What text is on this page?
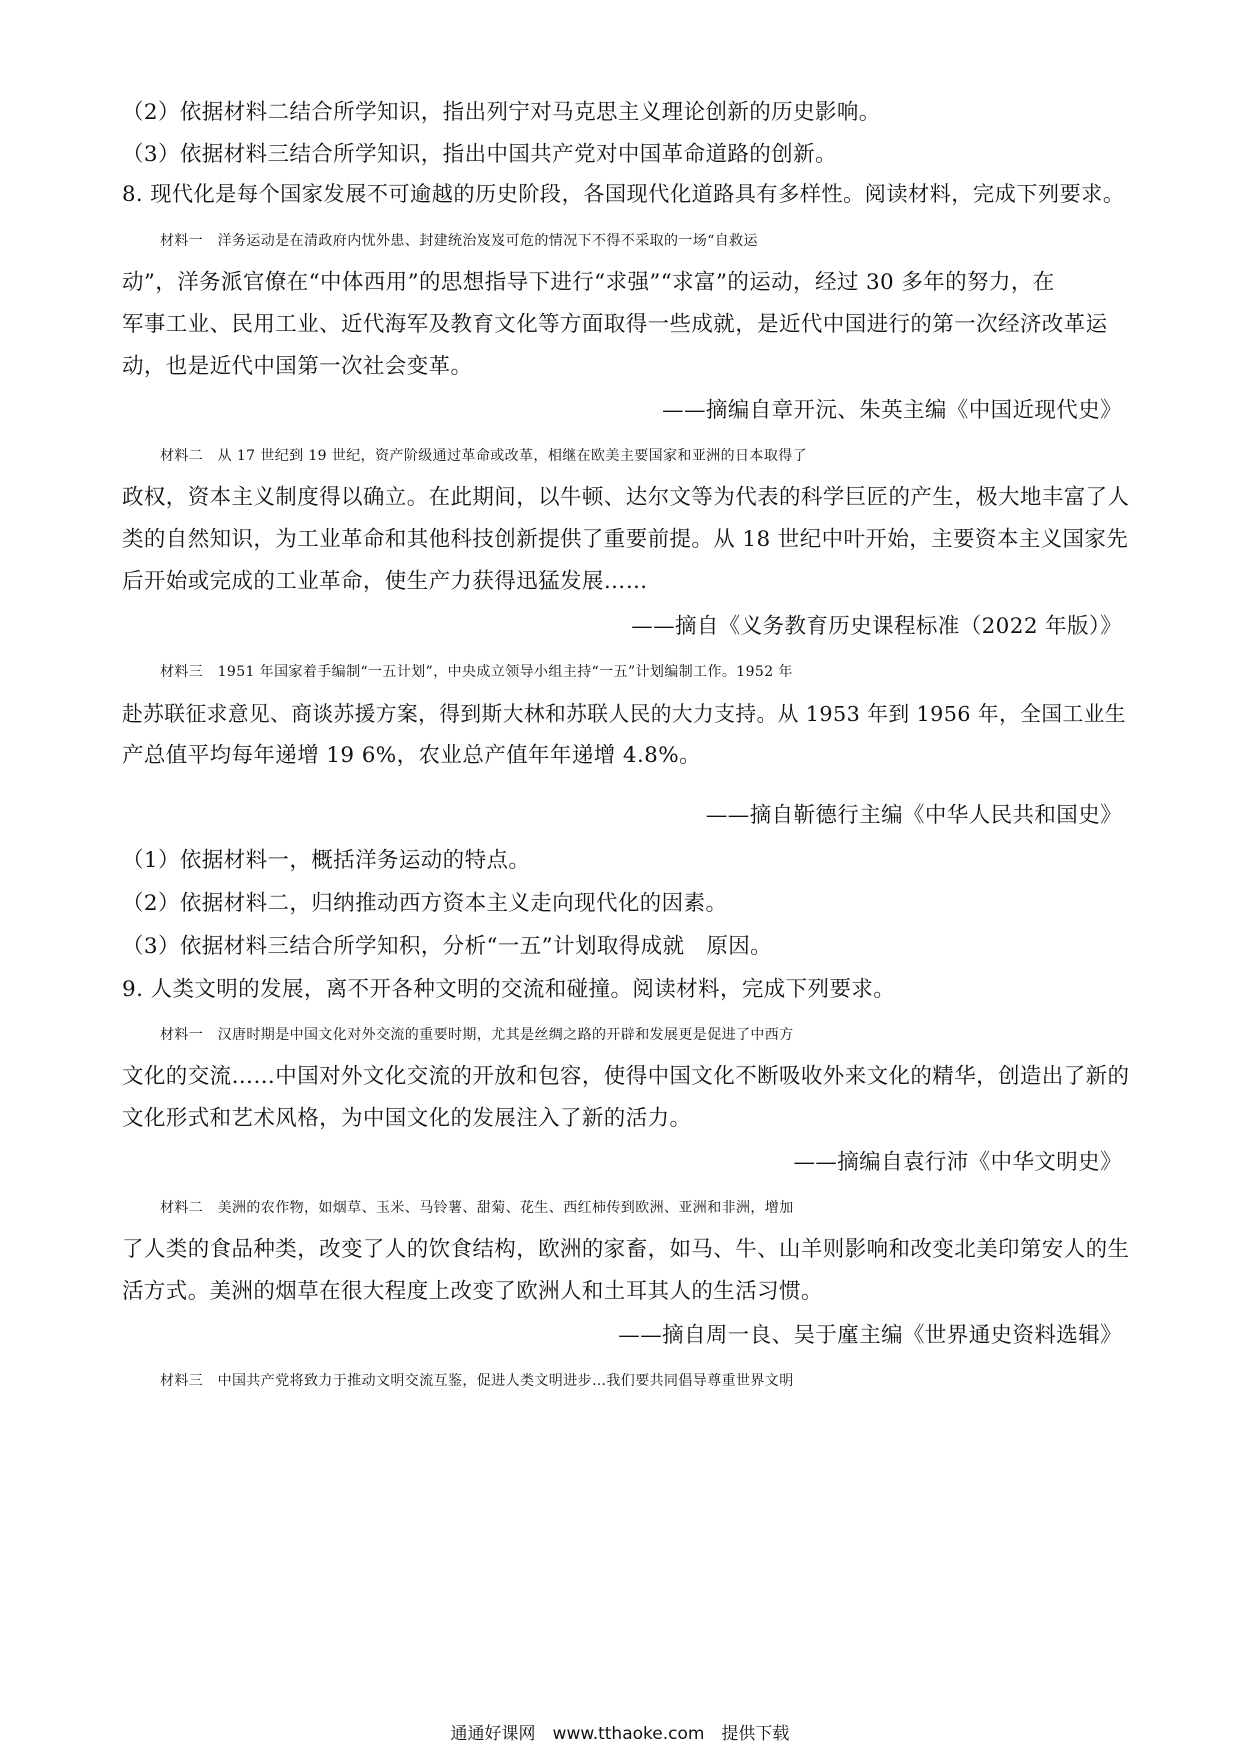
（2）依据材料二结合所学知识，指出列宁对马克思主义理论创新的历史影响。
（3）依据材料三结合所学知识，指出中国共产党对中国革命道路的创新。
8. 现代化是每个国家发展不可逾越的历史阶段，各国现代化道路具有多样性。阅读材料，完成下列要求。
材料一　洋务运动是在清政府内忧外患、封建统治岌岌可危的情况下不得不采取的一场“自救运
动”，洋务派官僚在“中体西用”的思想指导下进行“求强”“求富”的运动，经过 30 多年的努力，在
军事工业、民用工业、近代海军及教育文化等方面取得一些成就，是近代中国进行的第一次经济改革运
动，也是近代中国第一次社会变革。
——摘编自章开沅、朱英主编《中国近现代史》
材料二　从 17 世纪到 19 世纪，资产阶级通过革命或改革，相继在欧美主要国家和亚洲的日本取得了
政权，资本主义制度得以确立。在此期间，以牛顿、达尔文等为代表的科学巨匠的产生，极大地丰富了人
类的自然知识，为工业革命和其他科技创新提供了重要前提。从 18 世纪中叶开始，主要资本主义国家先
后开始或完成的工业革命，使生产力获得迅猛发展……
——摘自《义务教育历史课程标准（2022 年版）》
材料三　1951 年国家着手编制“一五计划”，中央成立领导小组主持“一五”计划编制工作。1952 年
赴苏联征求意见、商谈苏援方案，得到斯大林和苏联人民的大力支持。从 1953 年到 1956 年，全国工业生
产总值平均每年递增 19 6%，农业总产值年年递增 4.8%。
——摘自靳德行主编《中华人民共和国史》
（1）依据材料一，概括洋务运动的特点。
（2）依据材料二，归纳推动西方资本主义走向现代化的因素。
（3）依据材料三结合所学知积，分析“一五”计划取得成就　原因。
9. 人类文明的发展，离不开各种文明的交流和碰撞。阅读材料，完成下列要求。
材料一　汉唐时期是中国文化对外交流的重要时期，尤其是丝绸之路的开辟和发展更是促进了中西方
文化的交流……中国对外文化交流的开放和包容，使得中国文化不断吸收外来文化的精华，创造出了新的
文化形式和艺术风格，为中国文化的发展注入了新的活力。
——摘编自袁行沛《中华文明史》
材料二　美洲的农作物，如烟草、玉米、马铃薯、甜菊、花生、西红柿传到欧洲、亚洲和非洲，增加
了人类的食品种类，改变了人的饮食结构，欧洲的家畜，如马、牛、山羊则影响和改变北美印第安人的生
活方式。美洲的烟草在很大程度上改变了欧洲人和土耳其人的生活习惯。
——摘自周一良、吴于廑主编《世界通史资料选辑》
材料三　中国共产党将致力于推动文明交流互鉴，促进人类文明进步…我们要共同倡导尊重世界文明
通通好课网　www.tthaoke.com　提供下载
